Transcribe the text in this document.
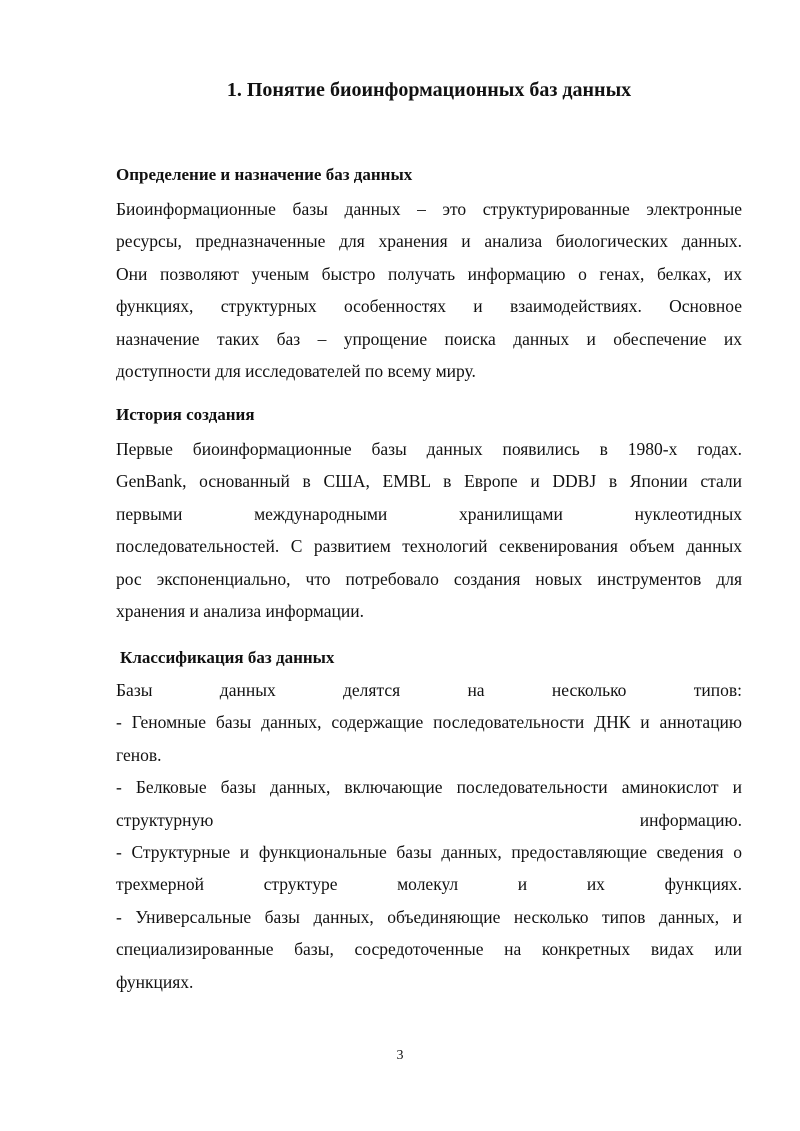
1. Понятие биоинформационных баз данных
Определение и назначение баз данных
Биоинформационные базы данных – это структурированные электронные
ресурсы, предназначенные для хранения и анализа биологических данных.
Они позволяют ученым быстро получать информацию о генах, белках, их
функциях, структурных особенностях и взаимодействиях. Основное
назначение таких баз – упрощение поиска данных и обеспечение их
доступности для исследователей по всему миру.
История создания
Первые биоинформационные базы данных появились в 1980-х годах.
GenBank, основанный в США, EMBL в Европе и DDBJ в Японии стали
первыми международными хранилищами нуклеотидных
последовательностей. С развитием технологий секвенирования объем данных
рос экспоненциально, что потребовало создания новых инструментов для
хранения и анализа информации.
Классификация баз данных
Базы данных делятся на несколько типов:
- Геномные базы данных, содержащие последовательности ДНК и аннотацию
генов.
- Белковые базы данных, включающие последовательности аминокислот и
структурную информацию.
- Структурные и функциональные базы данных, предоставляющие сведения о
трехмерной структуре молекул и их функциях.
- Универсальные базы данных, объединяющие несколько типов данных, и
специализированные базы, сосредоточенные на конкретных видах или
функциях.
3
